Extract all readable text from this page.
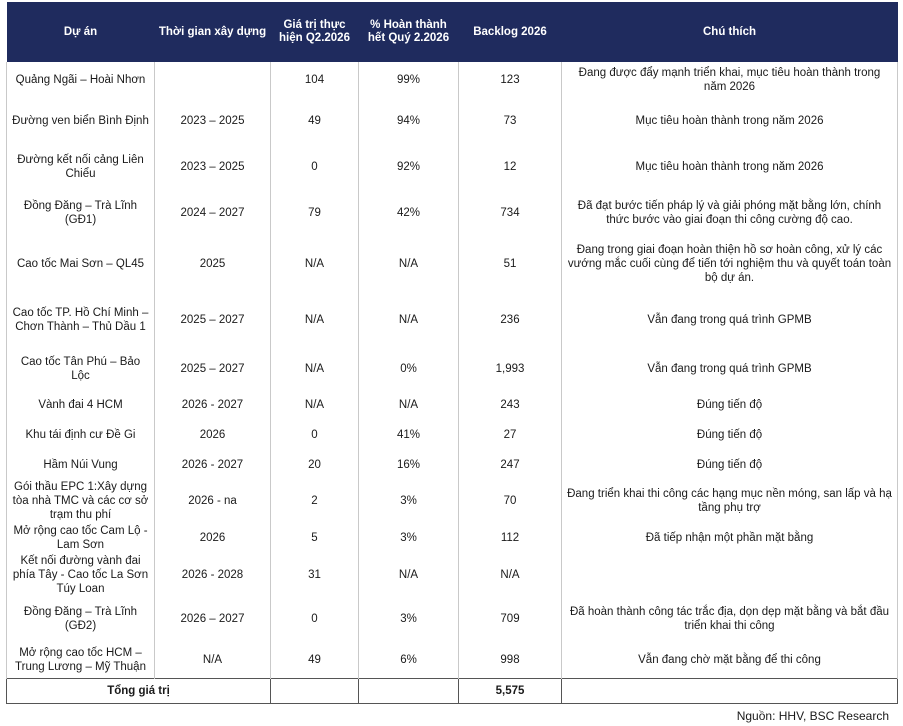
Dự án	Thời gian xây dựng	Giá trị thực hiện Q2.2026	% Hoàn thành hết Quý 2.2026	Backlog 2026	Chú thích
Quảng Ngãi – Hoài Nhơn		104	99%	123	Đang được đẩy mạnh triển khai, mục tiêu hoàn thành trong năm 2026
Đường ven biển Bình Định	2023 – 2025	49	94%	73	Mục tiêu hoàn thành trong năm 2026
Đường kết nối cảng Liên Chiểu	2023 – 2025	0	92%	12	Mục tiêu hoàn thành trong năm 2026
Đồng Đăng – Trà Lĩnh (GĐ1)	2024 – 2027	79	42%	734	Đã đạt bước tiến pháp lý và giải phóng mặt bằng lớn, chính thức bước vào giai đoạn thi công cường độ cao.
Cao tốc Mai Sơn – QL45	2025	N/A	N/A	51	Đang trong giai đoạn hoàn thiện hồ sơ hoàn công, xử lý các vướng mắc cuối cùng để tiến tới nghiệm thu và quyết toán toàn bộ dự án.
Cao tốc TP. Hồ Chí Minh – Chơn Thành – Thủ Dầu 1	2025 – 2027	N/A	N/A	236	Vẫn đang trong quá trình GPMB
Cao tốc Tân Phú – Bảo Lộc	2025 – 2027	N/A	0%	1,993	Vẫn đang trong quá trình GPMB
Vành đai 4 HCM	2026 - 2027	N/A	N/A	243	Đúng tiến độ
Khu tái định cư Đề Gi	2026	0	41%	27	Đúng tiến độ
Hầm Núi Vung	2026 - 2027	20	16%	247	Đúng tiến độ
Gói thầu EPC 1:Xây dựng tòa nhà TMC và các cơ sở trạm thu phí	2026 - na	2	3%	70	Đang triển khai thi công các hạng mục nền móng, san lấp và hạ tầng phụ trợ
Mở rộng cao tốc Cam Lộ - Lam Sơn	2026	5	3%	112	Đã tiếp nhận một phần mặt bằng
Kết nối đường vành đai phía Tây - Cao tốc La Sơn Túy Loan	2026 - 2028	31	N/A	N/A	
Đồng Đăng – Trà Lĩnh (GĐ2)	2026 – 2027	0	3%	709	Đã hoàn thành công tác trắc địa, dọn dẹp mặt bằng và bắt đầu triển khai thi công
Mở rộng cao tốc HCM – Trung Lương – Mỹ Thuận	N/A	49	6%	998	Vẫn đang chờ mặt bằng để thi công
Tổng giá trị				5,575	
Nguồn: HHV, BSC Research
